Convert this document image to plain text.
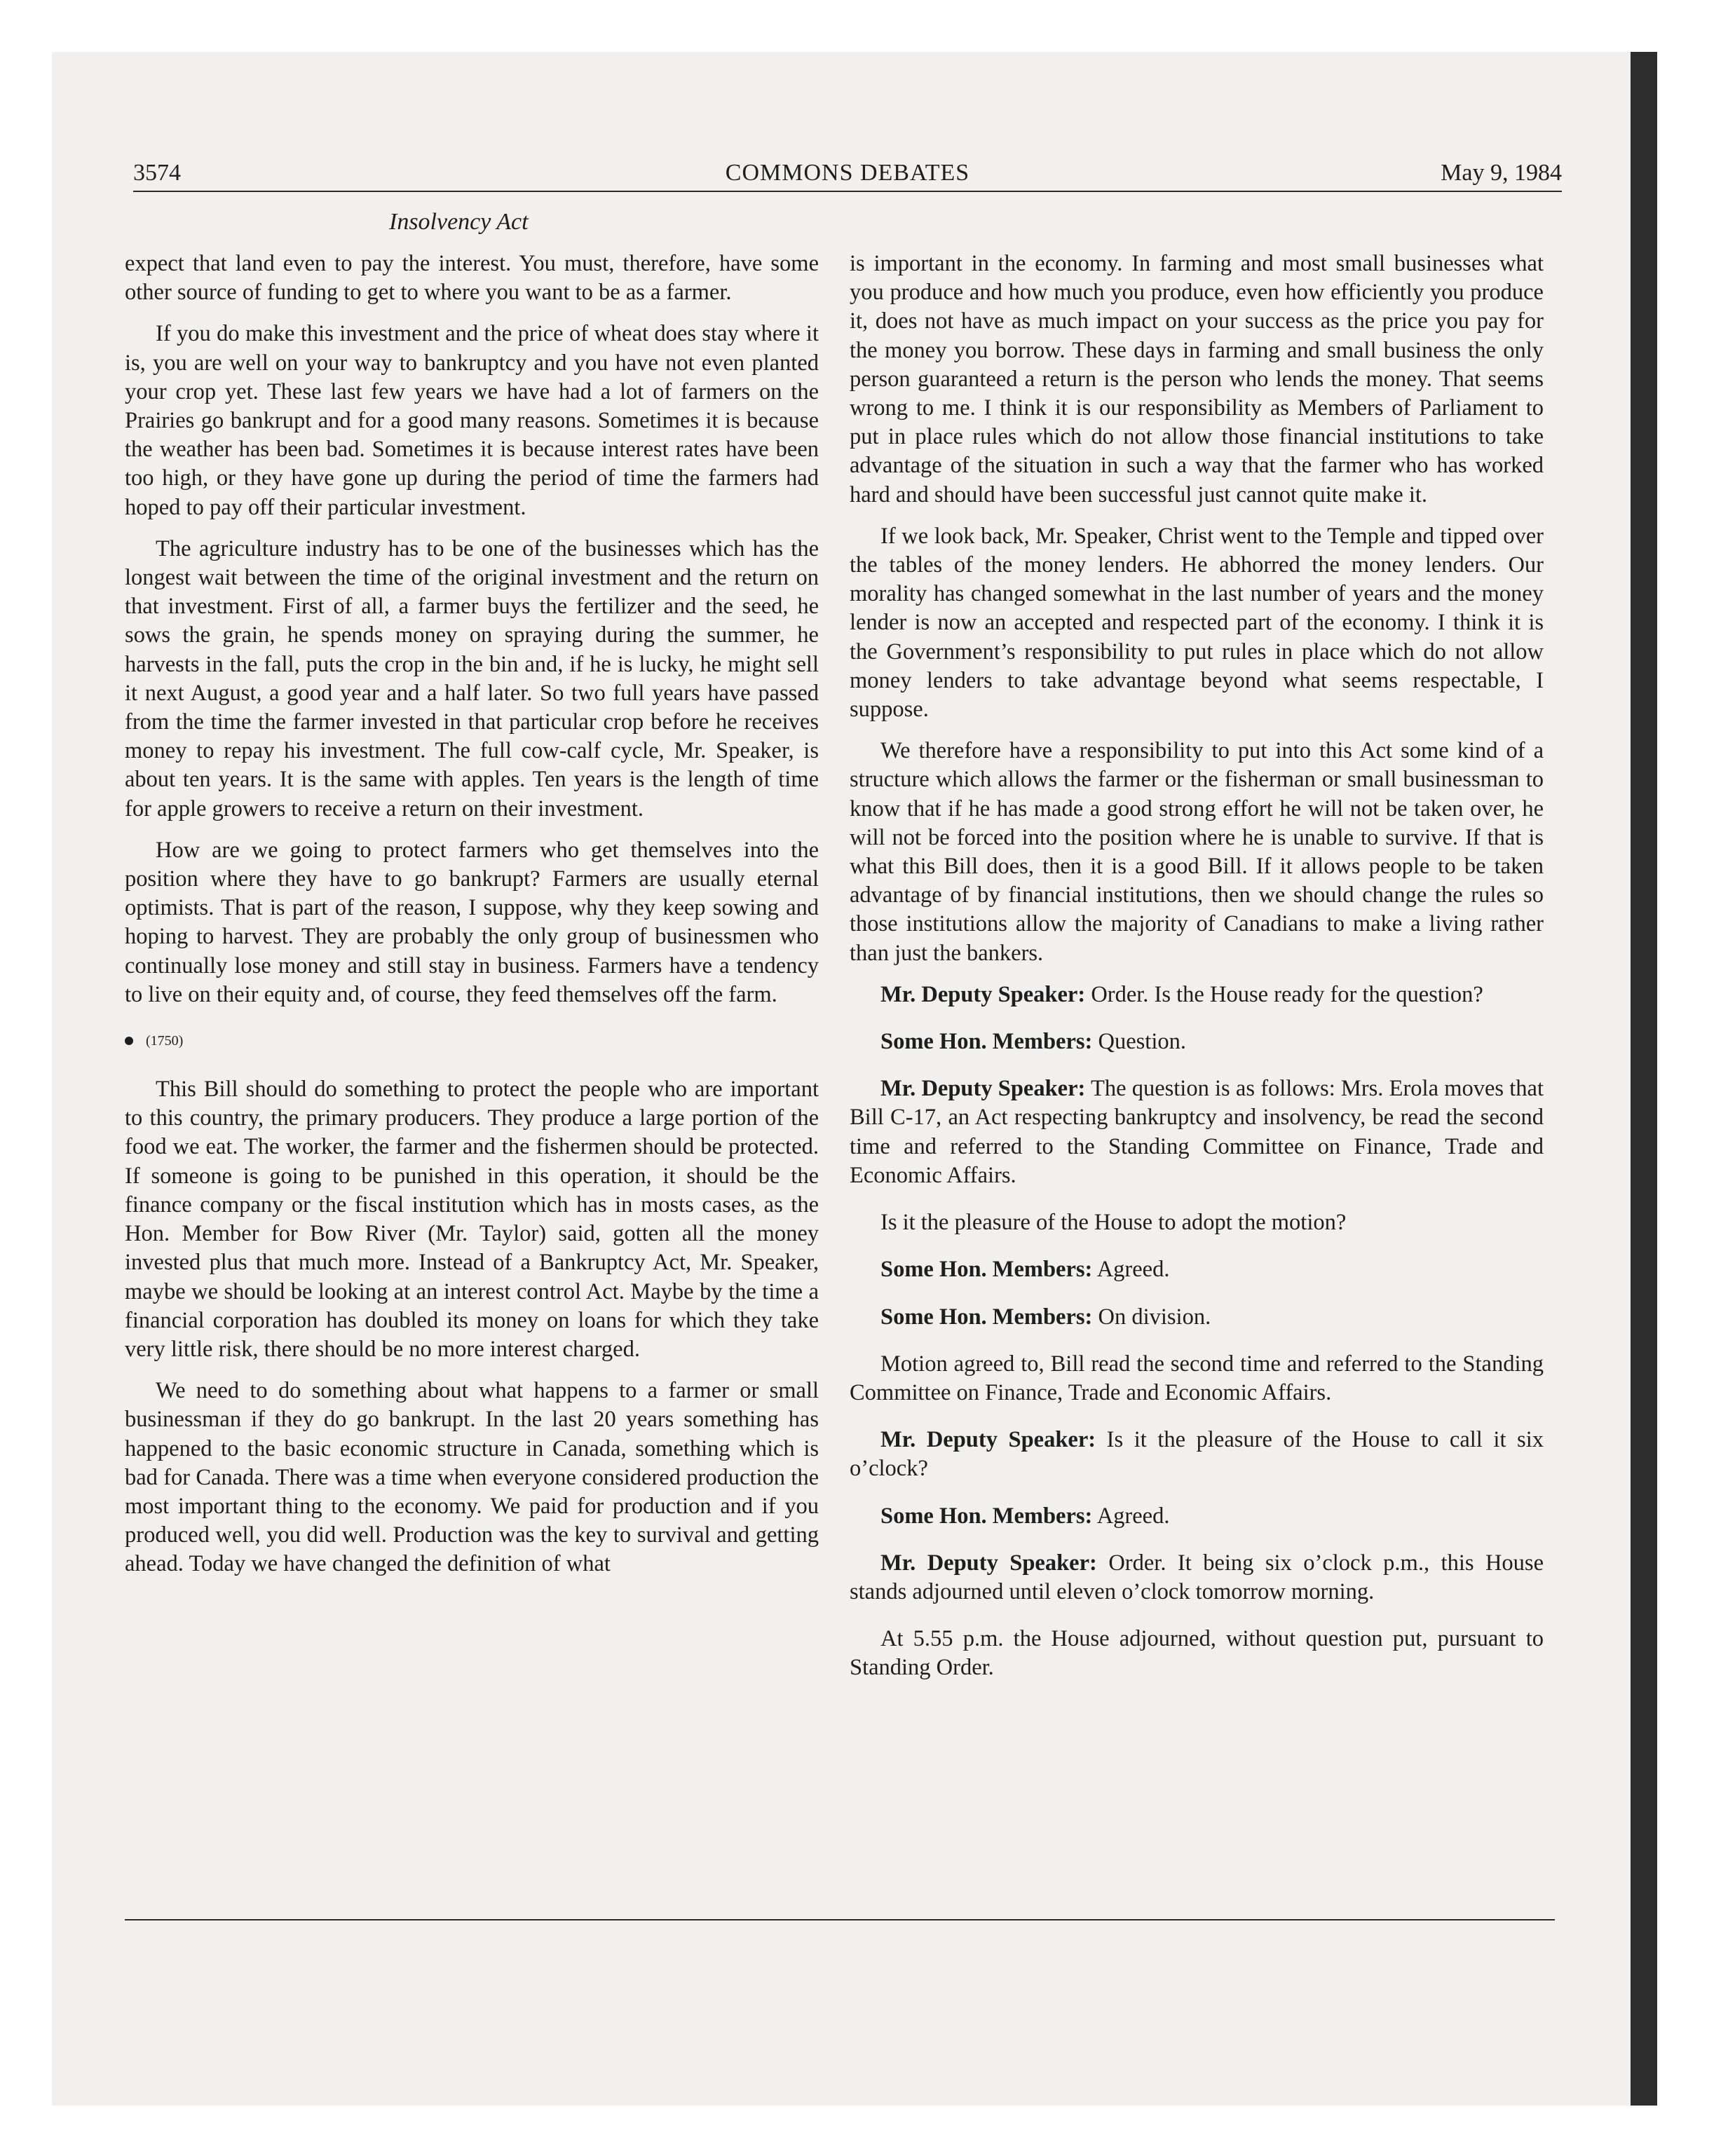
3574	COMMONS DEBATES	May 9, 1984
Insolvency Act

expect that land even to pay the interest. You must, therefore, have some other source of funding to get to where you want to be as a farmer.

If you do make this investment and the price of wheat does stay where it is, you are well on your way to bankruptcy and you have not even planted your crop yet. These last few years we have had a lot of farmers on the Prairies go bankrupt and for a good many reasons. Sometimes it is because the weather has been bad. Sometimes it is because interest rates have been too high, or they have gone up during the period of time the farmers had hoped to pay off their particular investment.

The agriculture industry has to be one of the businesses which has the longest wait between the time of the original investment and the return on that investment. First of all, a farmer buys the fertilizer and the seed, he sows the grain, he spends money on spraying during the summer, he harvests in the fall, puts the crop in the bin and, if he is lucky, he might sell it next August, a good year and a half later. So two full years have passed from the time the farmer invested in that particular crop before he receives money to repay his investment. The full cow-calf cycle, Mr. Speaker, is about ten years. It is the same with apples. Ten years is the length of time for apple growers to receive a return on their investment.

How are we going to protect farmers who get themselves into the position where they have to go bankrupt? Farmers are usually eternal optimists. That is part of the reason, I suppose, why they keep sowing and hoping to harvest. They are probably the only group of businessmen who continually lose money and still stay in business. Farmers have a tendency to live on their equity and, of course, they feed themselves off the farm.

(1750)

This Bill should do something to protect the people who are important to this country, the primary producers. They produce a large portion of the food we eat. The worker, the farmer and the fishermen should be protected. If someone is going to be punished in this operation, it should be the finance company or the fiscal institution which has in mosts cases, as the Hon. Member for Bow River (Mr. Taylor) said, gotten all the money invested plus that much more. Instead of a Bankruptcy Act, Mr. Speaker, maybe we should be looking at an interest control Act. Maybe by the time a financial corporation has doubled its money on loans for which they take very little risk, there should be no more interest charged.

We need to do something about what happens to a farmer or small businessman if they do go bankrupt. In the last 20 years something has happened to the basic economic structure in Canada, something which is bad for Canada. There was a time when everyone considered production the most important thing to the economy. We paid for production and if you produced well, you did well. Production was the key to survival and getting ahead. Today we have changed the definition of what

is important in the economy. In farming and most small businesses what you produce and how much you produce, even how efficiently you produce it, does not have as much impact on your success as the price you pay for the money you borrow. These days in farming and small business the only person guaranteed a return is the person who lends the money. That seems wrong to me. I think it is our responsibility as Members of Parliament to put in place rules which do not allow those financial institutions to take advantage of the situation in such a way that the farmer who has worked hard and should have been successful just cannot quite make it.

If we look back, Mr. Speaker, Christ went to the Temple and tipped over the tables of the money lenders. He abhorred the money lenders. Our morality has changed somewhat in the last number of years and the money lender is now an accepted and respected part of the economy. I think it is the Government’s responsibility to put rules in place which do not allow money lenders to take advantage beyond what seems respectable, I suppose.

We therefore have a responsibility to put into this Act some kind of a structure which allows the farmer or the fisherman or small businessman to know that if he has made a good strong effort he will not be taken over, he will not be forced into the position where he is unable to survive. If that is what this Bill does, then it is a good Bill. If it allows people to be taken advantage of by financial institutions, then we should change the rules so those institutions allow the majority of Canadians to make a living rather than just the bankers.

Mr. Deputy Speaker: Order. Is the House ready for the question?

Some Hon. Members: Question.

Mr. Deputy Speaker: The question is as follows: Mrs. Erola moves that Bill C-17, an Act respecting bankruptcy and insolvency, be read the second time and referred to the Standing Committee on Finance, Trade and Economic Affairs.

Is it the pleasure of the House to adopt the motion?

Some Hon. Members: Agreed.

Some Hon. Members: On division.

Motion agreed to, Bill read the second time and referred to the Standing Committee on Finance, Trade and Economic Affairs.

Mr. Deputy Speaker: Is it the pleasure of the House to call it six o’clock?

Some Hon. Members: Agreed.

Mr. Deputy Speaker: Order. It being six o’clock p.m., this House stands adjourned until eleven o’clock tomorrow morning.

At 5.55 p.m. the House adjourned, without question put, pursuant to Standing Order.
